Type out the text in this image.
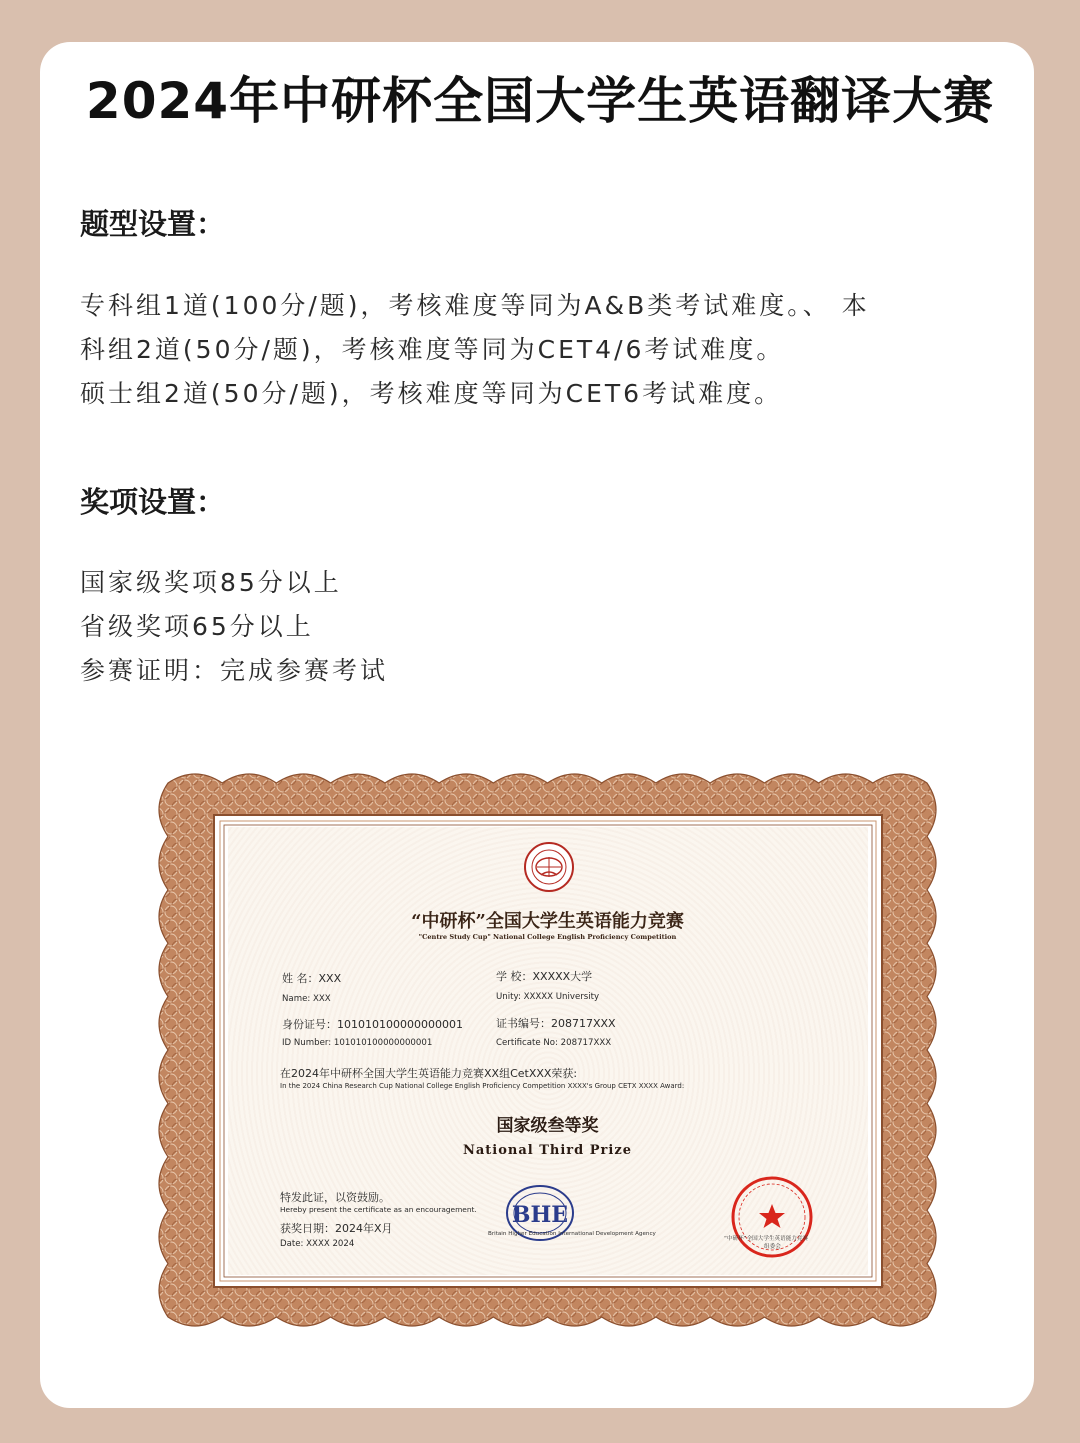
2024年中研杯全国大学生英语翻译大赛
题型设置：
专科组1道(100分/题)，考核难度等同为A&B类考试难度。、 本
科组2道(50分/题)，考核难度等同为CET4/6考试难度。
硕士组2道(50分/题)，考核难度等同为CET6考试难度。
奖项设置：
国家级奖项85分以上
省级奖项65分以上
参赛证明：完成参赛考试
“中研杯”全国大学生英语能力竞赛
"Centre Study Cup" National College English Proficiency Competition
姓 名：XXX
Name: XXX
学 校：XXXXX大学
Unity: XXXXX University
身份证号：101010100000000001
ID Number: 101010100000000001
证书编号：208717XXX
Certificate No: 208717XXX
在2024年中研杯全国大学生英语能力竞赛XX组CetXXX荣获:
In the 2024 China Research Cup National College English Proficiency Competition XXXX's Group CETX XXXX Award:
国家级叁等奖
National Third Prize
特发此证，以资鼓励。
Hereby present the certificate as an encouragement.
获奖日期：2024年X月
Date: XXXX 2024
BHE
Britain Higher Education International Development Agency
“中研杯”全国大学生英语能力竞赛
组委会
